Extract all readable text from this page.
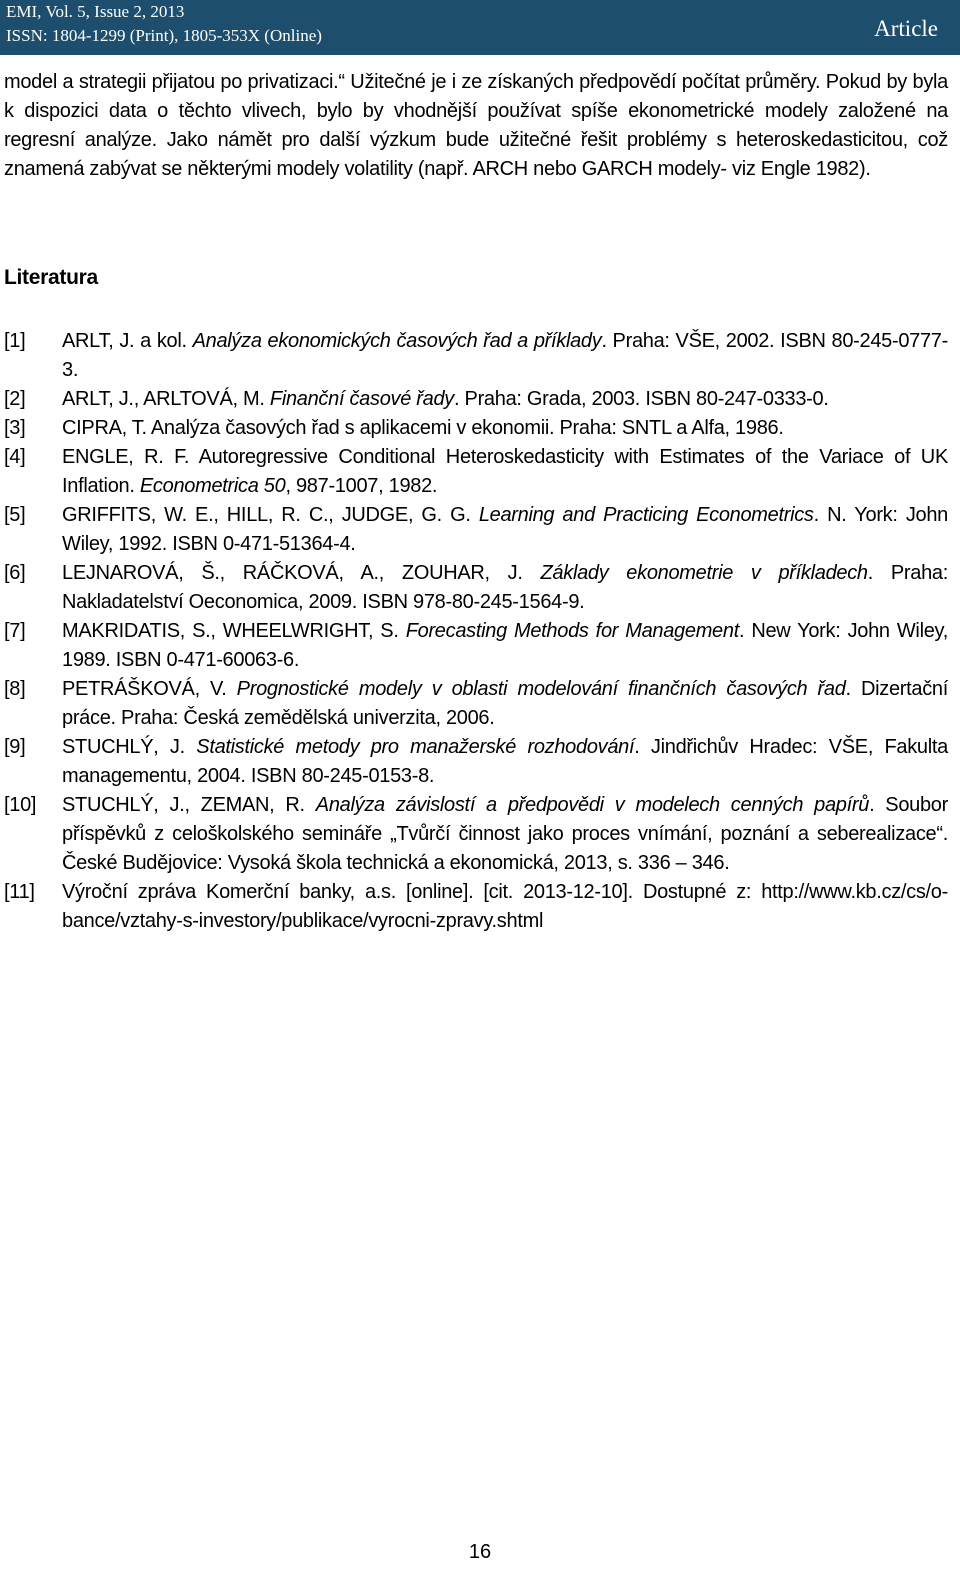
EMI, Vol. 5, Issue 2, 2013
ISSN: 1804-1299 (Print), 1805-353X (Online)	Article

model a strategii přijatou po privatizaci.“ Užitečné je i ze získaných předpovědí počítat průměry. Pokud by byla k dispozici data o těchto vlivech, bylo by vhodnější používat spíše ekonometrické modely založené na regresní analýze. Jako námět pro další výzkum bude užitečné řešit problémy s heteroskedasticitou, což znamená zabývat se některými modely volatility (např. ARCH nebo GARCH modely- viz Engle 1982).

Literatura
[1]	ARLT, J. a kol. Analýza ekonomických časových řad a příklady. Praha: VŠE, 2002. ISBN 80-245-0777-3.
[2]	ARLT, J., ARLTOVÁ, M. Finanční časové řady. Praha: Grada, 2003. ISBN 80-247-0333-0.
[3]	CIPRA, T. Analýza časových řad s aplikacemi v ekonomii. Praha: SNTL a Alfa, 1986.
[4]	ENGLE, R. F. Autoregressive Conditional Heteroskedasticity with Estimates of the Variace of UK Inflation. Econometrica 50, 987-1007, 1982.
[5]	GRIFFITS, W. E., HILL, R. C., JUDGE, G. G. Learning and Practicing Econometrics. N. York: John Wiley, 1992. ISBN 0-471-51364-4.
[6]	LEJNAROVÁ, Š., RÁČKOVÁ, A., ZOUHAR, J. Základy ekonometrie v příkladech. Praha: Nakladatelství Oeconomica, 2009. ISBN 978-80-245-1564-9.
[7]	MAKRIDATIS, S., WHEELWRIGHT, S. Forecasting Methods for Management. New York: John Wiley, 1989. ISBN 0-471-60063-6.
[8]	PETRÁŠKOVÁ, V. Prognostické modely v oblasti modelování finančních časových řad. Dizertační práce. Praha: Česká zemědělská univerzita, 2006.
[9]	STUCHLÝ, J. Statistické metody pro manažerské rozhodování. Jindřichův Hradec: VŠE, Fakulta managementu, 2004. ISBN 80-245-0153-8.
[10]	STUCHLÝ, J., ZEMAN, R. Analýza závislostí a předpovědi v modelech cenných papírů. Soubor příspěvků z celoškolského semináře „Tvůrčí činnost jako proces vnímání, poznání a seberealizace“. České Budějovice: Vysoká škola technická a ekonomická, 2013, s. 336 – 346.
[11]	Výroční zpráva Komerční banky, a.s. [online]. [cit. 2013-12-10]. Dostupné z: http://www.kb.cz/cs/o-bance/vztahy-s-investory/publikace/vyrocni-zpravy.shtml
16
